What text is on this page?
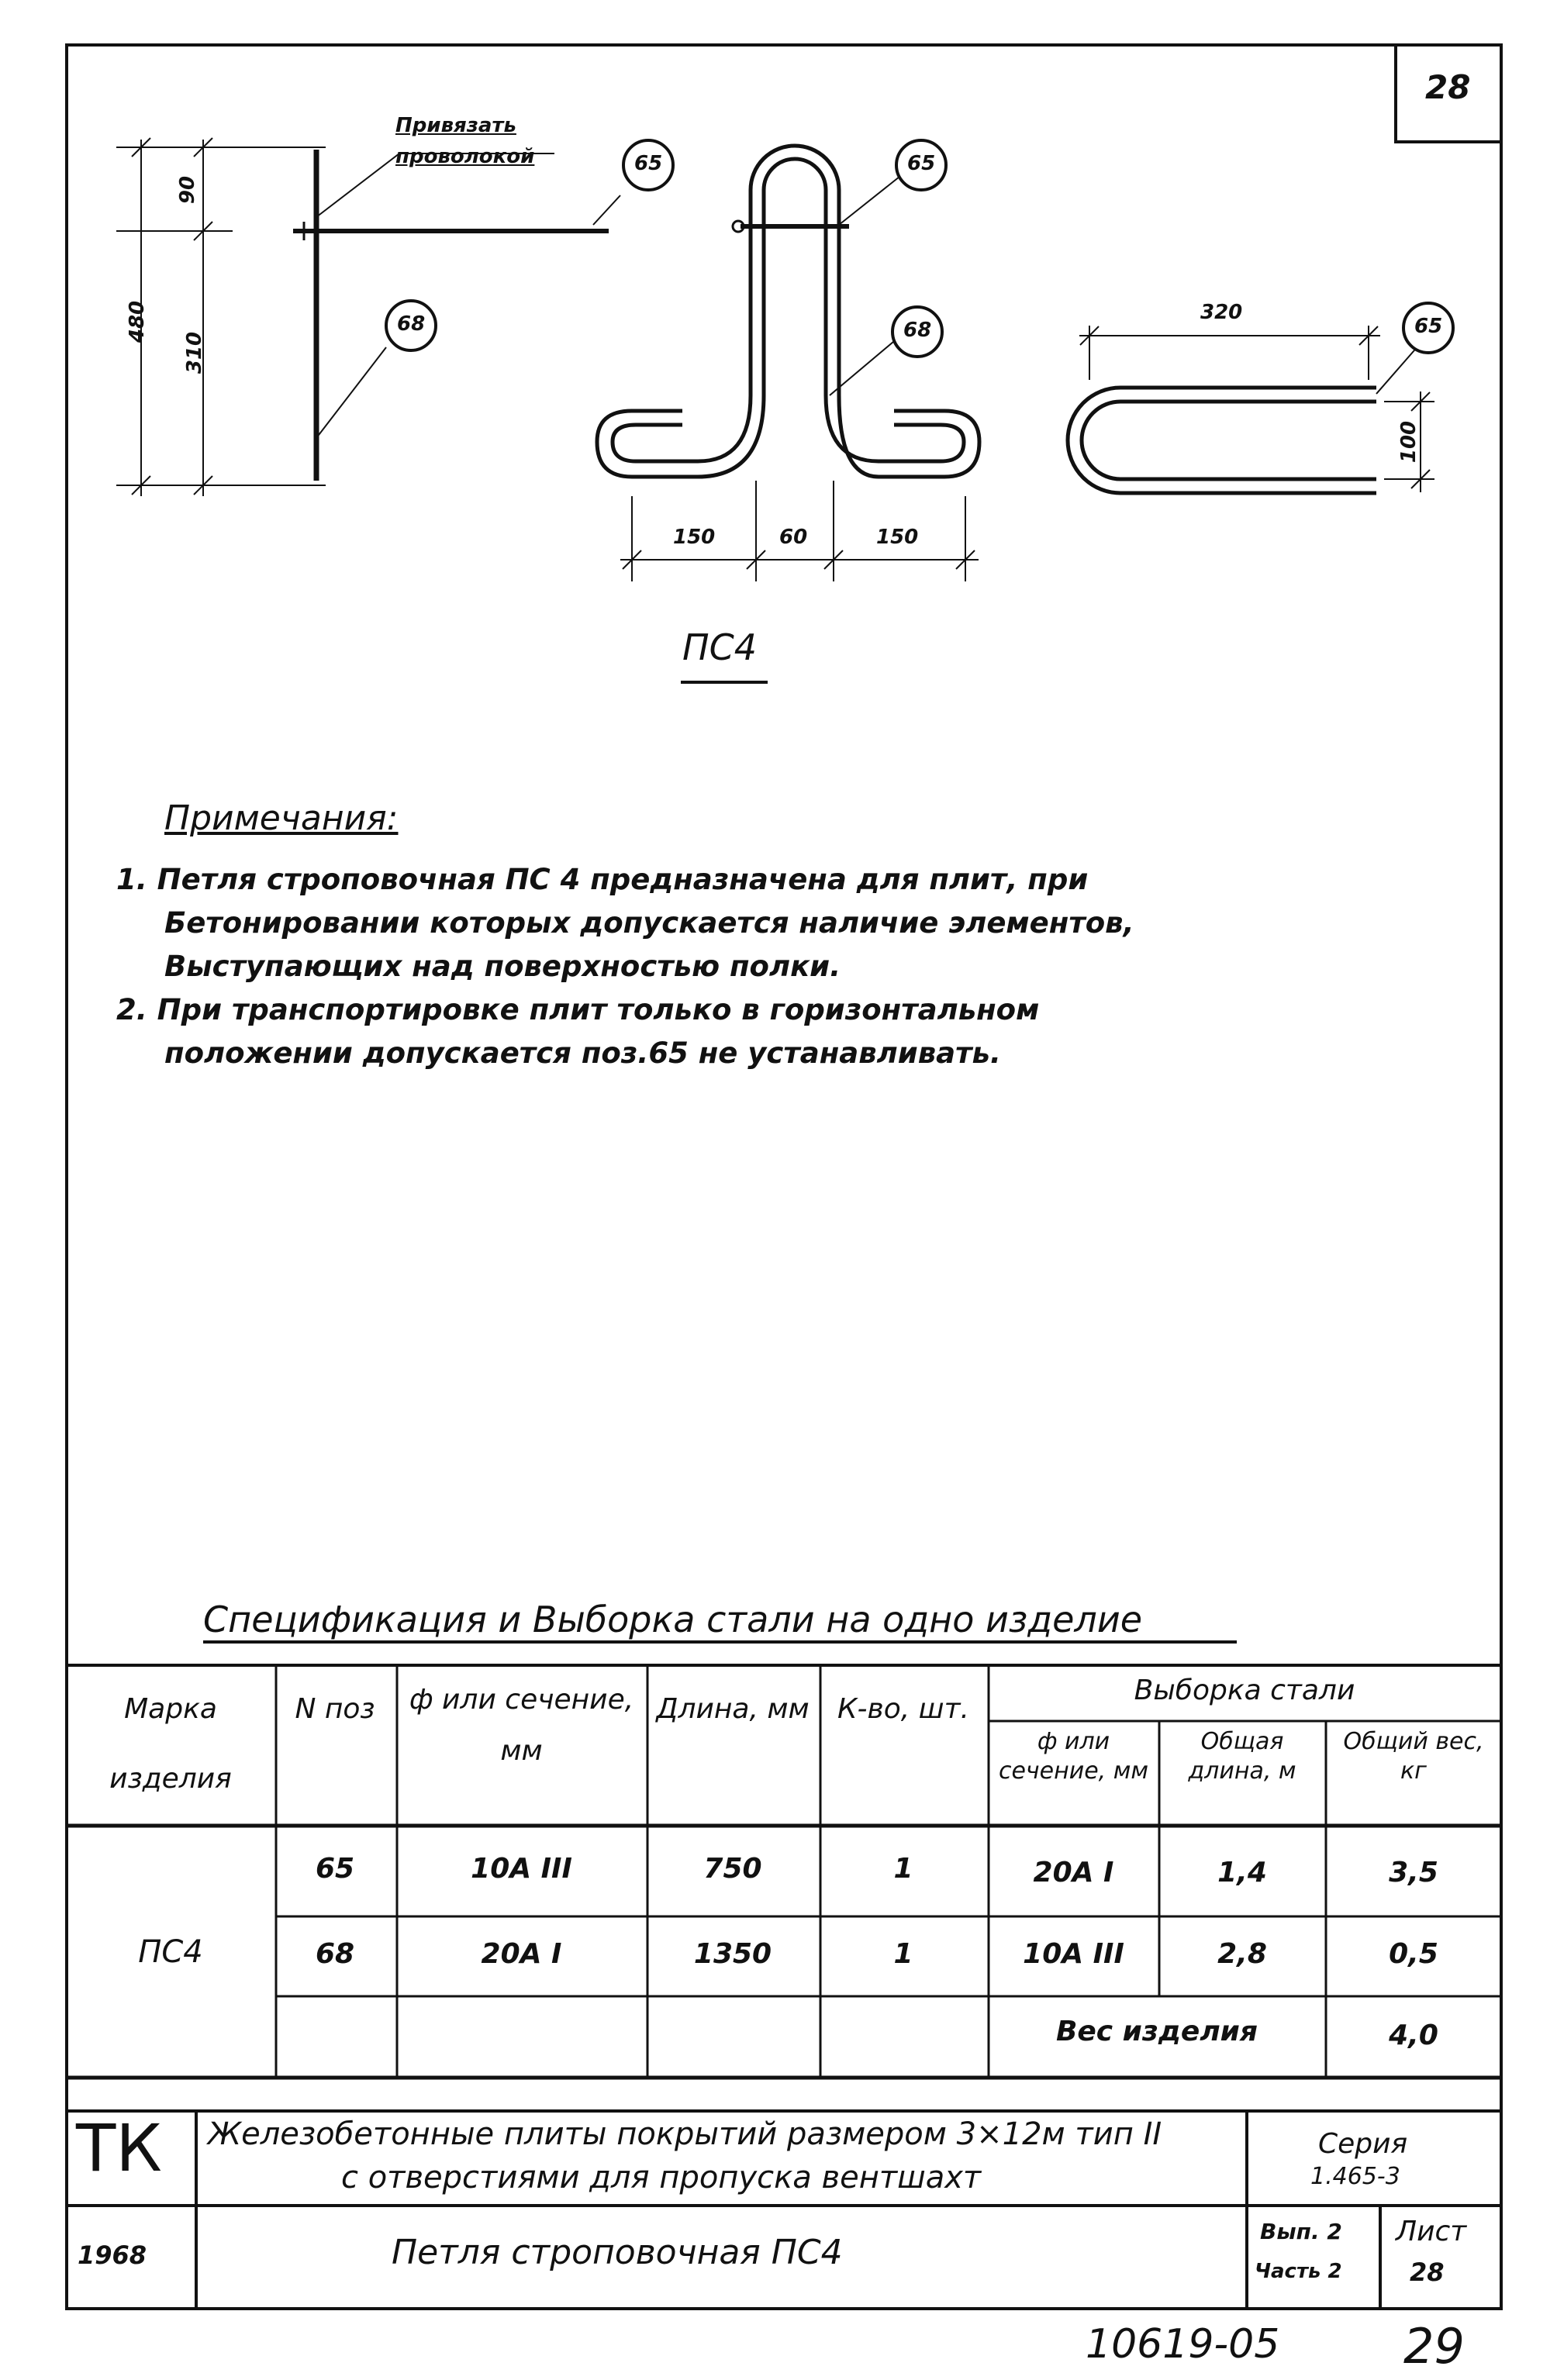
28
Привязать проволокой
480
90
310
150	60	150
320
100
65
68
65
68	65
ПС4
Примечания:
1. Петля строповочная ПС 4 предназначена для плит, при
Бетонировании которых допускается наличие элементов,
Выступающих над поверхностью полки.
2. При транспортировке плит только в горизонтальном
положении допускается поз.65 не устанавливать.
Спецификация и Выборка стали на одно изделие
Марка изделия
N поз	ф или сечение, мм
Длина, мм	К-во, шт.
Выборка стали
ф или сечение, мм
Общая длина, м
Общий вес, кг
ПС4
65	10А III	750	1	20А I	1,4	3,5
68	20А I	1350	1	10А III	2,8	0,5
Вес изделия	4,0
ТК
1968
Железобетонные плиты покрытий размером 3×12м тип II
с отверстиями для пропуска вентшахт
Серия
1.465-3
Петля строповочная ПС4
Вып. 2
Часть 2
Лист
28
10619-05	29
